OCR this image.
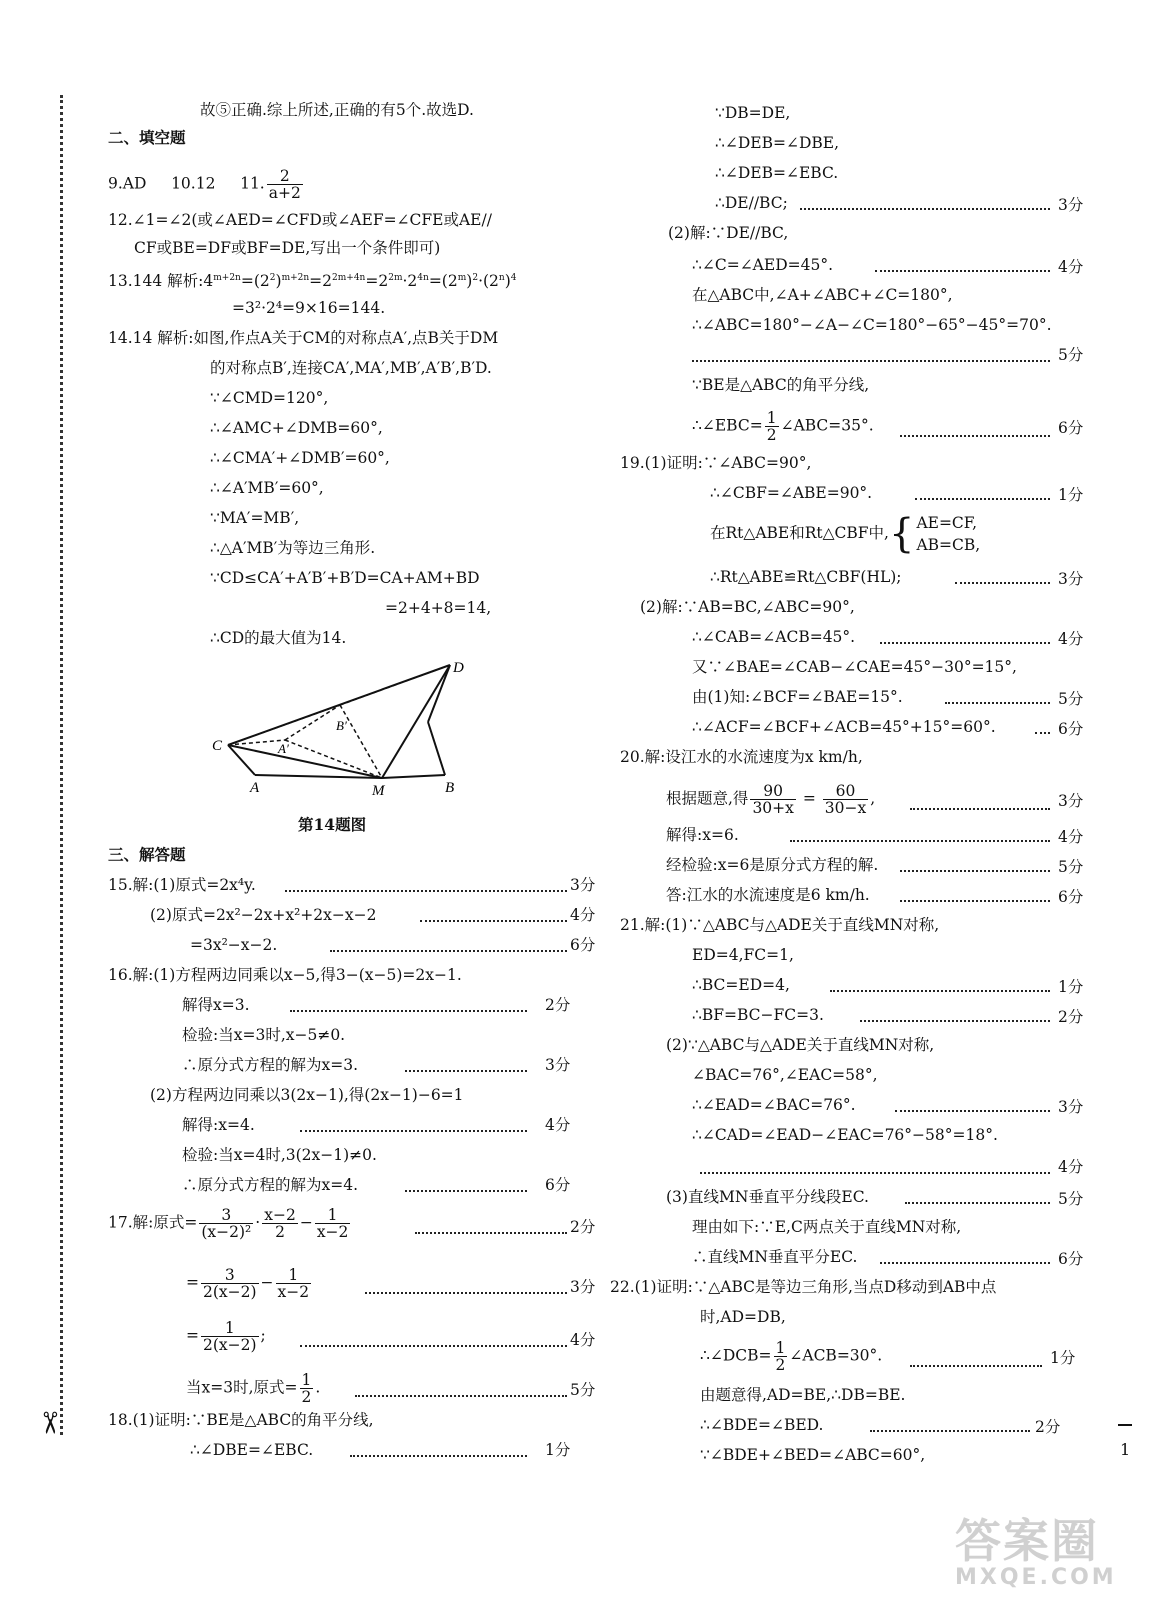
✂
故⑤正确.综上所述,正确的有5个.故选D.
二、填空题
9.AD 10.12 11. $\frac{2}{a+2}$
12.∠1=∠2(或∠AED=∠CFD或∠AEF=∠CFE或AE//
CF或BE=DF或BF=DE,写出一个条件即可)
13.144 解析$:4^{m+2n}=(2^2)^{m+2n}=2^{2m+4n}=2^{2m}\cdot 2^{4n}=(2^m)^2\cdot(2^n)^4$
=3²·2⁴=9×16=144.
14.14 解析:如图,作点A关于CM的对称点A′,点B关于DM
的对称点B′,连接CA′,MA′,MB′,A′B′,B′D.
∵∠CMD=120°,
∴∠AMC+∠DMB=60°,
∴∠CMA′+∠DMB′=60°,
∴∠A′MB′=60°,
∵MA′=MB′,
∴△A′MB′为等边三角形.
∵CD≤CA′+A′B′+B′D=CA+AM+BD
=2+4+8=14,
∴CD的最大值为14.
C
A	M	B
D
A′
B′
第14题图
三、解答题
15.解:(1)原式=2x⁴y.	3分
(2)原式=2x²−2x+x²+2x−x−2	4分
=3x²−x−2.	6分
16.解:(1)方程两边同乘以x−5,得3−(x−5)=2x−1.
解得x=3.	2分
检验:当x=3时,x−5≠0.
∴原分式方程的解为x=3.	3分
(2)方程两边同乘以3(2x−1),得(2x−1)−6=1
解得:x=4.	4分
检验:当x=4时,3(2x−1)≠0.
∴原分式方程的解为x=4.	6分
17.解:原式= $\frac{3}{\text{(x−2)²}} \cdot \frac{x-2}{2} - \frac{1}{x-2}$	2分
= $\frac{3}{2(x-2)} - \frac{1}{x-2}$	3分
= $\frac{1}{2(x-2)}$ ;	4分
当x=3时,原式= $\frac{1}{2}$ .	5分
18.(1)证明:∵BE是△ABC的角平分线,
∴∠DBE=∠EBC.	1分
∵DB=DE,
∴∠DEB=∠DBE,
∴∠DEB=∠EBC.
∴DE//BC;	3分
(2)解:∵DE//BC,
∴∠C=∠AED=45°.	4分
在△ABC中,∠A+∠ABC+∠C=180°,
∴∠ABC=180°−∠A−∠C=180°−65°−45°=70°.
5分
∵BE是△ABC的角平分线,
∴∠EBC= $\frac{1}{2}$ ∠ABC=35°.	6分
19.(1)证明:∵∠ABC=90°,
∴∠CBF=∠ABE=90°.	1分
在Rt△ABE和Rt△CBF中,{ AE=CF,
AB=CB,
∴Rt△ABE≌Rt△CBF(HL);	3分
(2)解:∵AB=BC,∠ABC=90°,
∴∠CAB=∠ACB=45°.	4分
又∵∠BAE=∠CAB−∠CAE=45°−30°=15°,
由(1)知:∠BCF=∠BAE=15°.	5分
∴∠ACF=∠BCF+∠ACB=45°+15°=60°.	6分
20.解:设江水的水流速度为x km/h,
根据题意,得 $\frac{90}{30+x} = \frac{60}{30-x}$ ,	3分
解得:x=6.	4分
经检验:x=6是原分式方程的解.	5分
答:江水的水流速度是6 km/h.	6分
21.解:(1)∵△ABC与△ADE关于直线MN对称,
ED=4,FC=1,
∴BC=ED=4,	1分
∴BF=BC−FC=3.	2分
(2)∵△ABC与△ADE关于直线MN对称,
∠BAC=76°,∠EAC=58°,
∴∠EAD=∠BAC=76°.	3分
∴∠CAD=∠EAD−∠EAC=76°−58°=18°.
4分
(3)直线MN垂直平分线段EC.	5分
理由如下:∵E,C两点关于直线MN对称,
∴直线MN垂直平分EC.	6分
22.(1)证明:∵△ABC是等边三角形,当点D移动到AB中点
时,AD=DB,
∴∠DCB= $\frac{1}{2}$ ∠ACB=30°.	1分
由题意得,AD=BE,∴DB=BE.
∴∠BDE=∠BED.	2分
∵∠BDE+∠BED=∠ABC=60°,	1
答案圈
MXQE.COM
